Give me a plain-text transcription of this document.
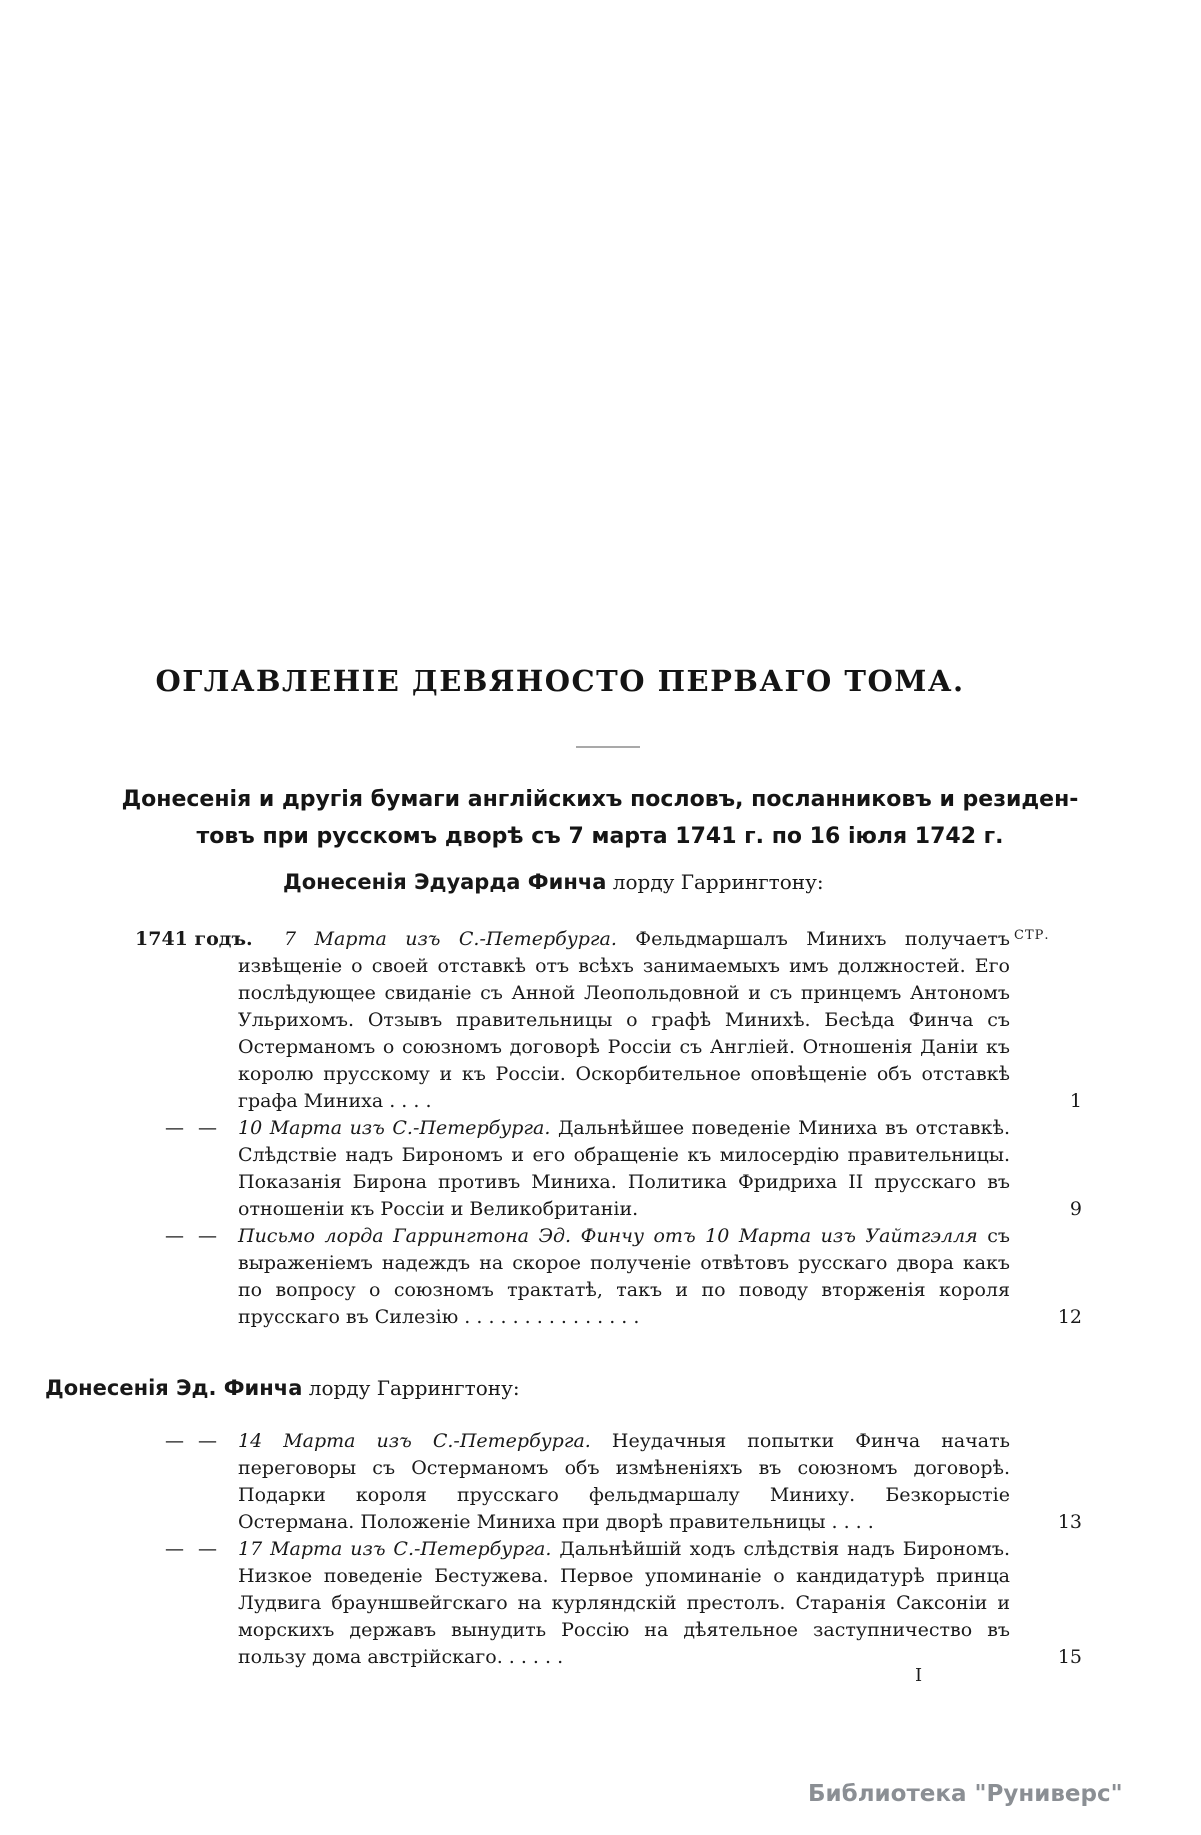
ОГЛАВЛЕНІЕ ДЕВЯНОСТО ПЕРВАГО ТОМА.
Донесенія и другія бумаги англійскихъ пословъ, посланниковъ и резиден-
товъ при русскомъ дворѣ съ 7 марта 1741 г. по 16 іюля 1742 г.
Донесенія Эдуарда Финча лорду Гаррингтону:
СТР.
1741 годъ. 7 Марта изъ С.-Петербурга. Фельдмаршалъ Минихъ получаетъ извѣщеніе о своей отставкѣ отъ всѣхъ занимаемыхъ имъ должностей. Его послѣдующее свиданіе съ Анной Леопольдовной и съ принцемъ Антономъ Ульрихомъ. Отзывъ правительницы о графѣ Минихѣ. Бесѣда Финча съ Остерманомъ о союзномъ договорѣ Россіи съ Англіей. Отношенія Даніи къ королю прусскому и къ Россіи. Оскорбительное оповѣщеніе объ отставкѣ графа Миниха . . . .	1
— — 10 Марта изъ С.-Петербурга. Дальнѣйшее поведеніе Миниха въ отставкѣ. Слѣдствіе надъ Бирономъ и его обращеніе къ милосердію правительницы. Показанія Бирона противъ Миниха. Политика Фридриха II прусскаго въ отношеніи къ Россіи и Великобританіи.	9
— — Письмо лорда Гаррингтона Эд. Финчу отъ 10 Марта изъ Уайтгэлля съ выраженіемъ надеждъ на скорое полученіе отвѣтовъ русскаго двора какъ по вопросу о союзномъ трактатѣ, такъ и по поводу вторженія короля прусскаго въ Силезію . . . . . . . . . . . . . . .	12
Донесенія Эд. Финча лорду Гаррингтону:
— — 14 Марта изъ С.-Петербурга. Неудачныя попытки Финча начать переговоры съ Остерманомъ объ измѣненіяхъ въ союзномъ договорѣ. Подарки короля прусскаго фельдмаршалу Миниху. Безкорыстіе Остермана. Положеніе Миниха при дворѣ правительницы . . . .	13
— — 17 Марта изъ С.-Петербурга. Дальнѣйшій ходъ слѣдствія надъ Бирономъ. Низкое поведеніе Бестужева. Первое упоминаніе о кандидатурѣ принца Лудвига брауншвейгскаго на курляндскій престолъ. Старанія Саксоніи и морскихъ державъ вынудить Россію на дѣятельное заступничество въ пользу дома австрійскаго. . . . . .	15
I
Библиотека "Руниверс"
